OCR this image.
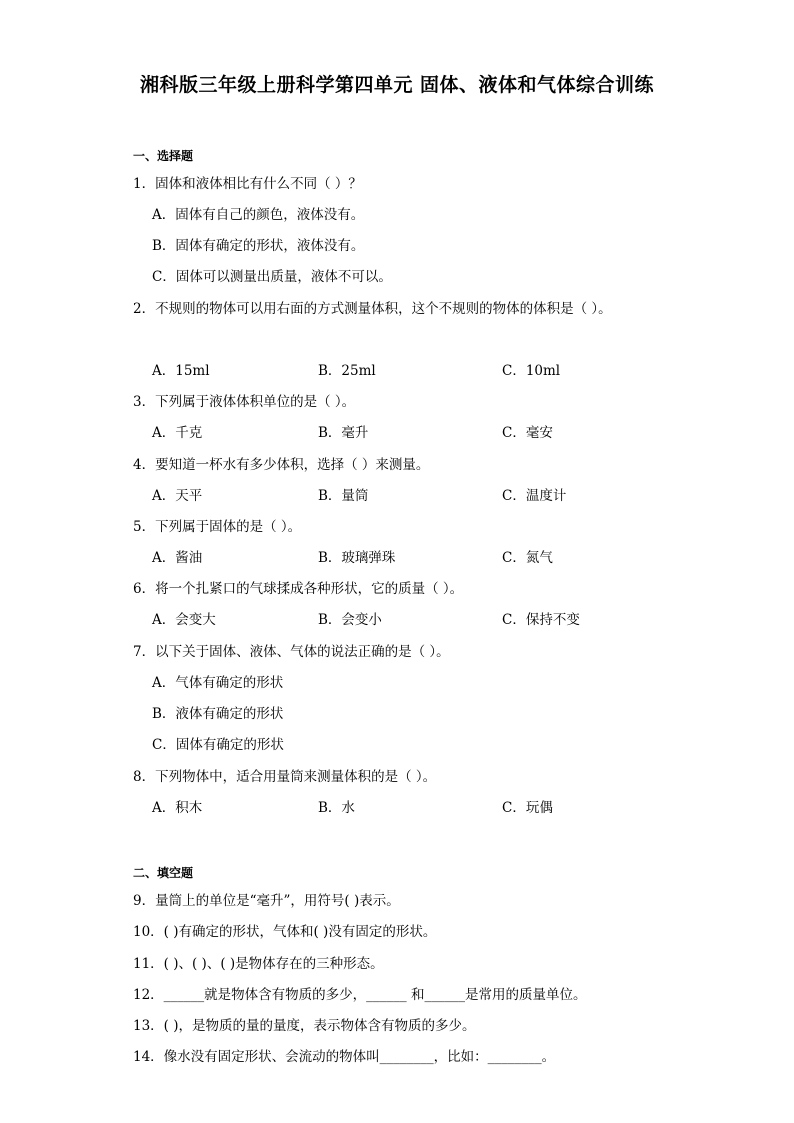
湘科版三年级上册科学第四单元 固体、液体和气体综合训练
一、选择题
1．固体和液体相比有什么不同（ ）？
A．固体有自己的颜色，液体没有。
B．固体有确定的形状，液体没有。
C．固体可以测量出质量，液体不可以。
2．不规则的物体可以用右面的方式测量体积，这个不规则的物体的体积是（ ）。
A．15ml	B．25ml	C．10ml
3．下列属于液体体积单位的是（ ）。
A．千克	B．毫升	C．毫安
4．要知道一杯水有多少体积，选择（ ）来测量。
A．天平	B．量筒	C．温度计
5．下列属于固体的是（ ）。
A．酱油	B．玻璃弹珠	C．氮气
6．将一个扎紧口的气球揉成各种形状，它的质量（ ）。
A．会变大	B．会变小	C．保持不变
7．以下关于固体、液体、气体的说法正确的是（ ）。
A．气体有确定的形状
B．液体有确定的形状
C．固体有确定的形状
8．下列物体中，适合用量筒来测量体积的是（ ）。
A．积木	B．水	C．玩偶
二、填空题
9．量筒上的单位是“毫升”，用符号( )表示。
10．( )有确定的形状，气体和( )没有固定的形状。
11．( )、( )、( )是物体存在的三种形态。
12．______就是物体含有物质的多少，______ 和______是常用的质量单位。
13．( )，是物质的量的量度，表示物体含有物质的多少。
14．像水没有固定形状、会流动的物体叫________，比如：________。
